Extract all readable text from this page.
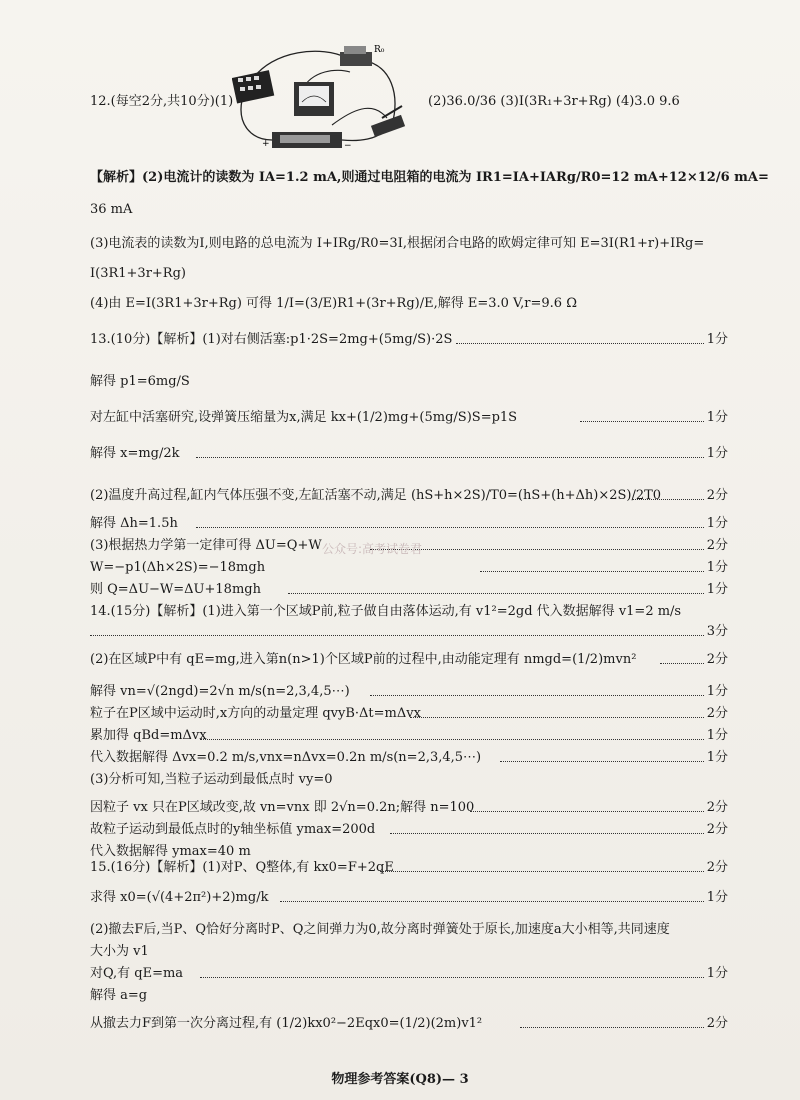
12.(每空2分,共10分)(1)	(2)36.0/36 (3)I(3R₁+3r+Rg) (4)3.0 9.6
R₀
+	−
【解析】(2)电流计的读数为 IA=1.2 mA,则通过电阻箱的电流为 IR1=IA+IARg/R0=12 mA+12×12/6 mA=
36 mA
(3)电流表的读数为I,则电路的总电流为 I+IRg/R0=3I,根据闭合电路的欧姆定律可知 E=3I(R1+r)+IRg=
I(3R1+3r+Rg)
(4)由 E=I(3R1+3r+Rg) 可得 1/I=(3/E)R1+(3r+Rg)/E,解得 E=3.0 V,r=9.6 Ω
13.(10分)【解析】(1)对右侧活塞:p1·2S=2mg+(5mg/S)·2S	1分
解得 p1=6mg/S
对左缸中活塞研究,设弹簧压缩量为x,满足 kx+(1/2)mg+(5mg/S)S=p1S	1分
解得 x=mg/2k	1分
(2)温度升高过程,缸内气体压强不变,左缸活塞不动,满足 (hS+h×2S)/T0=(hS+(h+Δh)×2S)/2T0	2分
解得 Δh=1.5h	1分
(3)根据热力学第一定律可得 ΔU=Q+W	2分
W=−p1(Δh×2S)=−18mgh	1分
则 Q=ΔU−W=ΔU+18mgh	1分
公众号:高考试卷君
14.(15分)【解析】(1)进入第一个区域P前,粒子做自由落体运动,有 v1²=2gd 代入数据解得 v1=2 m/s
3分
(2)在区域P中有 qE=mg,进入第n(n>1)个区域P前的过程中,由动能定理有 nmgd=(1/2)mvn²	2分
解得 vn=√(2ngd)=2√n m/s(n=2,3,4,5⋯)	1分
粒子在P区域中运动时,x方向的动量定理 qvyB·Δt=mΔvx	2分
累加得 qBd=mΔvx	1分
代入数据解得 Δvx=0.2 m/s,vnx=nΔvx=0.2n m/s(n=2,3,4,5⋯)	1分
(3)分析可知,当粒子运动到最低点时 vy=0
因粒子 vx 只在P区域改变,故 vn=vnx 即 2√n=0.2n;解得 n=100	2分
故粒子运动到最低点时的y轴坐标值 ymax=200d	2分
代入数据解得 ymax=40 m
15.(16分)【解析】(1)对P、Q整体,有 kx0=F+2qE	2分
求得 x0=(√(4+2π²)+2)mg/k	1分
(2)撤去F后,当P、Q恰好分离时P、Q之间弹力为0,故分离时弹簧处于原长,加速度a大小相等,共同速度
大小为 v1
对Q,有 qE=ma	1分
解得 a=g
从撤去力F到第一次分离过程,有 (1/2)kx0²−2Eqx0=(1/2)(2m)v1²	2分
物理参考答案(Q8)— 3
